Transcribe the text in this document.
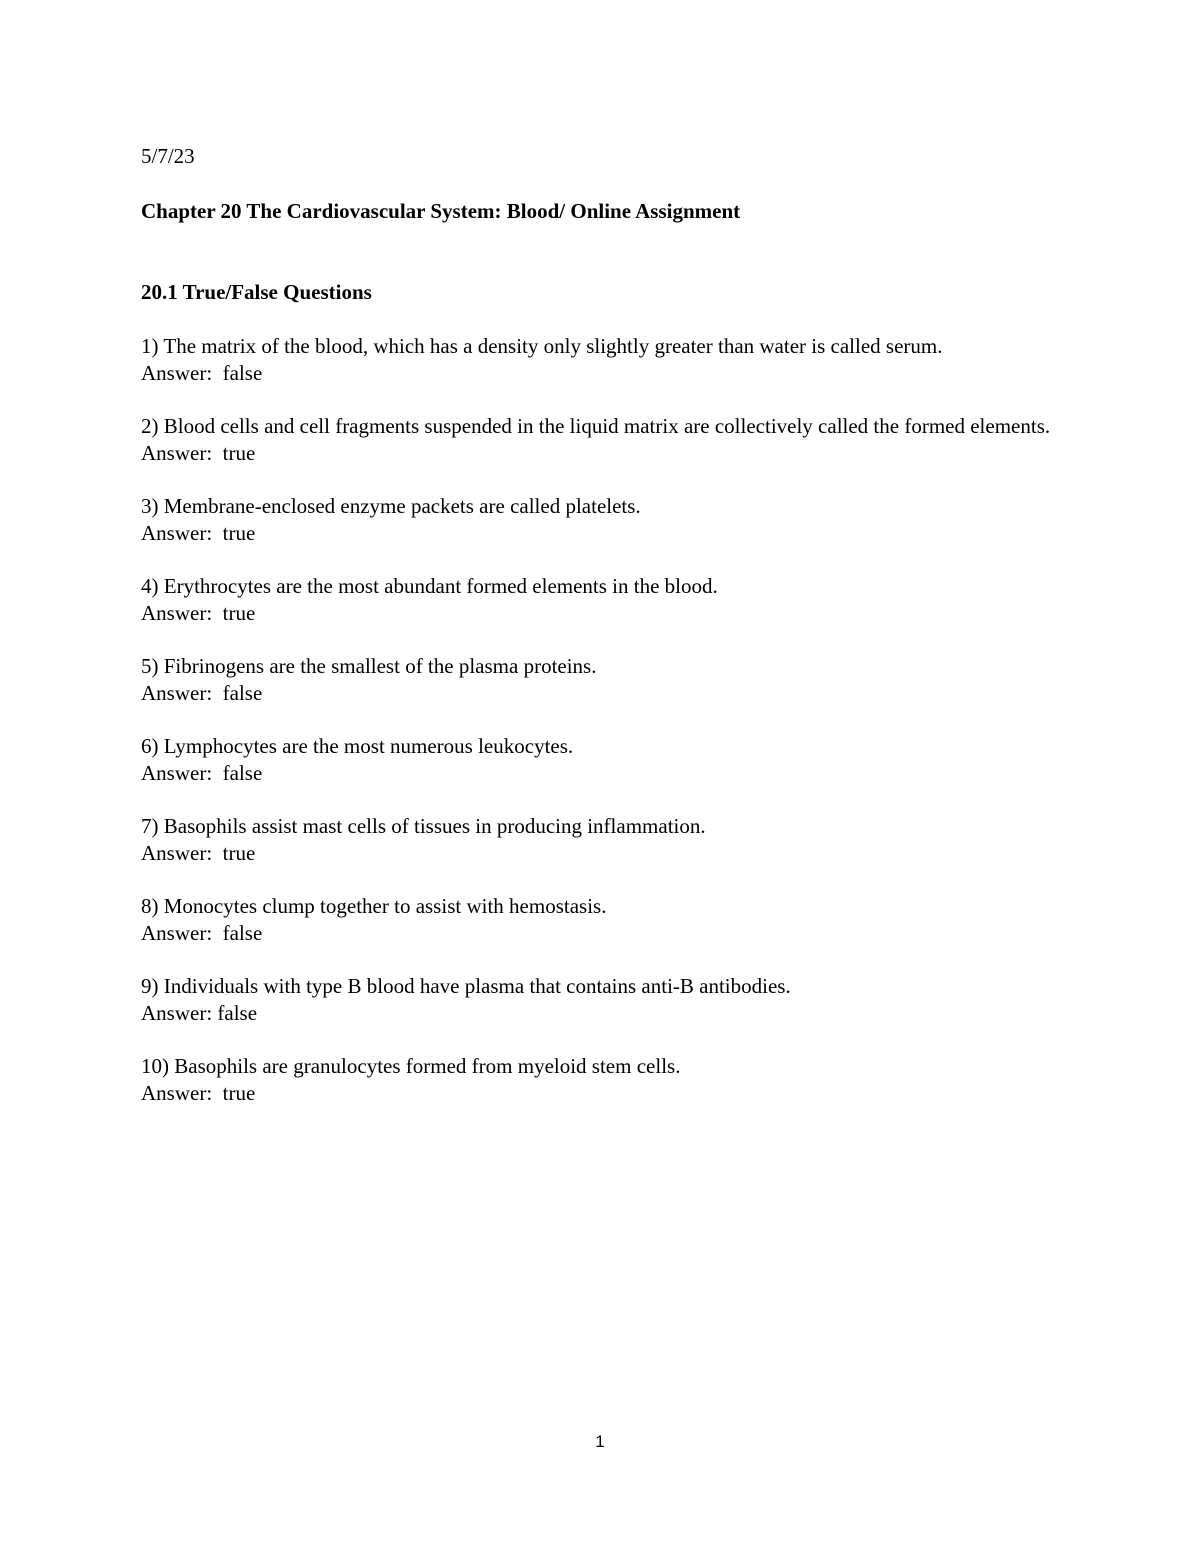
5/7/23

Chapter 20 The Cardiovascular System: Blood/ Online Assignment
20.1 True/False Questions

1) The matrix of the blood, which has a density only slightly greater than water is called serum.

Answer:  false

2) Blood cells and cell fragments suspended in the liquid matrix are collectively called the formed elements.

Answer:  true

3) Membrane-enclosed enzyme packets are called platelets.

Answer:  true

4) Erythrocytes are the most abundant formed elements in the blood.

Answer:  true

5) Fibrinogens are the smallest of the plasma proteins.

Answer:  false

6) Lymphocytes are the most numerous leukocytes.

Answer:  false

7) Basophils assist mast cells of tissues in producing inflammation.

Answer:  true

8) Monocytes clump together to assist with hemostasis.

Answer:  false

9) Individuals with type B blood have plasma that contains anti-B antibodies.

Answer: false

10) Basophils are granulocytes formed from myeloid stem cells.

Answer:  true

1
